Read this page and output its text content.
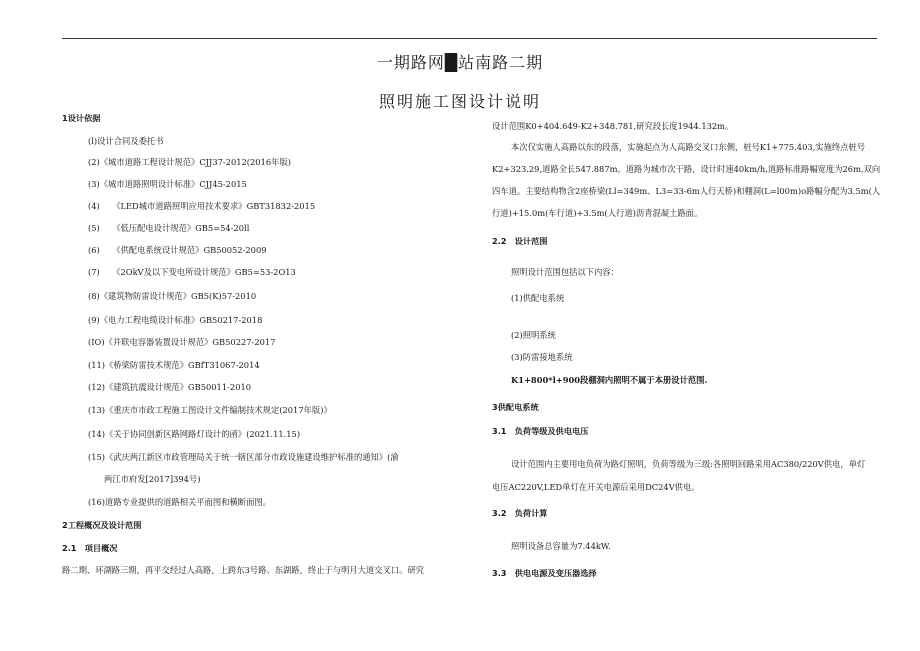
一期路网█站南路二期
照明施工图设计说明
1设计依据
(l)设计合同及委托书
(2)《城市道路工程设计规范》CJJ37-2012(2016年版)
(3)《城市道路照明设计标准》CJJ45-2015
(4)　　《LED城市道路照明应用技术要求》GBT31832-2015
(5)　　《低压配电设计规范》GB5=54-20ll
(6)　　《供配电系统设计规范》GB50052-2009
(7)　　《2OkV及以下变电所设计规范》GB5=53-2O13
(8)《建筑物防雷设计规范》GB5(K)57-2010
(9)《电力工程电缆设计标准》GB50217-2018
(IO)《并联电容器装置设计规范》GB50227-2017
(11)《桥梁防雷技术规范》GBfT31067-2014
(12)《建筑抗震设计规范》GB50011-2010
(13)《重庆市市政工程施工图设计文件编制技术规定(2017年版)》
(14)《关于协同创新区路网路灯设计的函》(2021.11.15)
(15)《武庆两江新区市政管理局关于统一辖区部分市政设施建设维护标准的通知》(渝
两江市府发[2017]394号)
(16)道路专业提供的道路相关平面图和横断面图。
2工程概况及设计范围
2.1　项目概况
路二期、环湖路三期，再平交经过人高路，上跨东3号路、东湖路，终止于与明月大道交叉口。研究
设计范围K0+404.649-K2+348.781,研究段长度1944.132m。
本次仅实施人高路以东的段落，实施起点为人高路交叉口东侧，桩号K1+775.403,实施终点桩号
K2+323.29,道路全长547.887m。道路为城市次干路，设计时速40km/h,道路标准路幅宽度为26m,双向
四车道。主要结构物含2座桥梁(Ll=349m、L3=33-6m人行天桥)和棚洞(L=l00m)o路幅分配为3.5m(人
行道)+15.0m(车行道)+3.5m(人行道)沥青混凝土路面。
2.2　设计范围
照明设计范围包括以下内容：
(1)供配电系统
(2)照明系统
(3)防雷接地系统
K1+800*l+900段棚洞内照明不属于本册设计范围.
3供配电系统
3.1　负荷等级及供电电压
设计范围内主要用电负荷为路灯照明，负荷等级为三级:各照明回路采用AC380/220V供电，单灯
电压AC220V,LED单灯在开关电源后采用DC24V供电。
3.2　负荷计算
照明设备总容量为7.44kW.
3.3　供电电源及变压器选择
